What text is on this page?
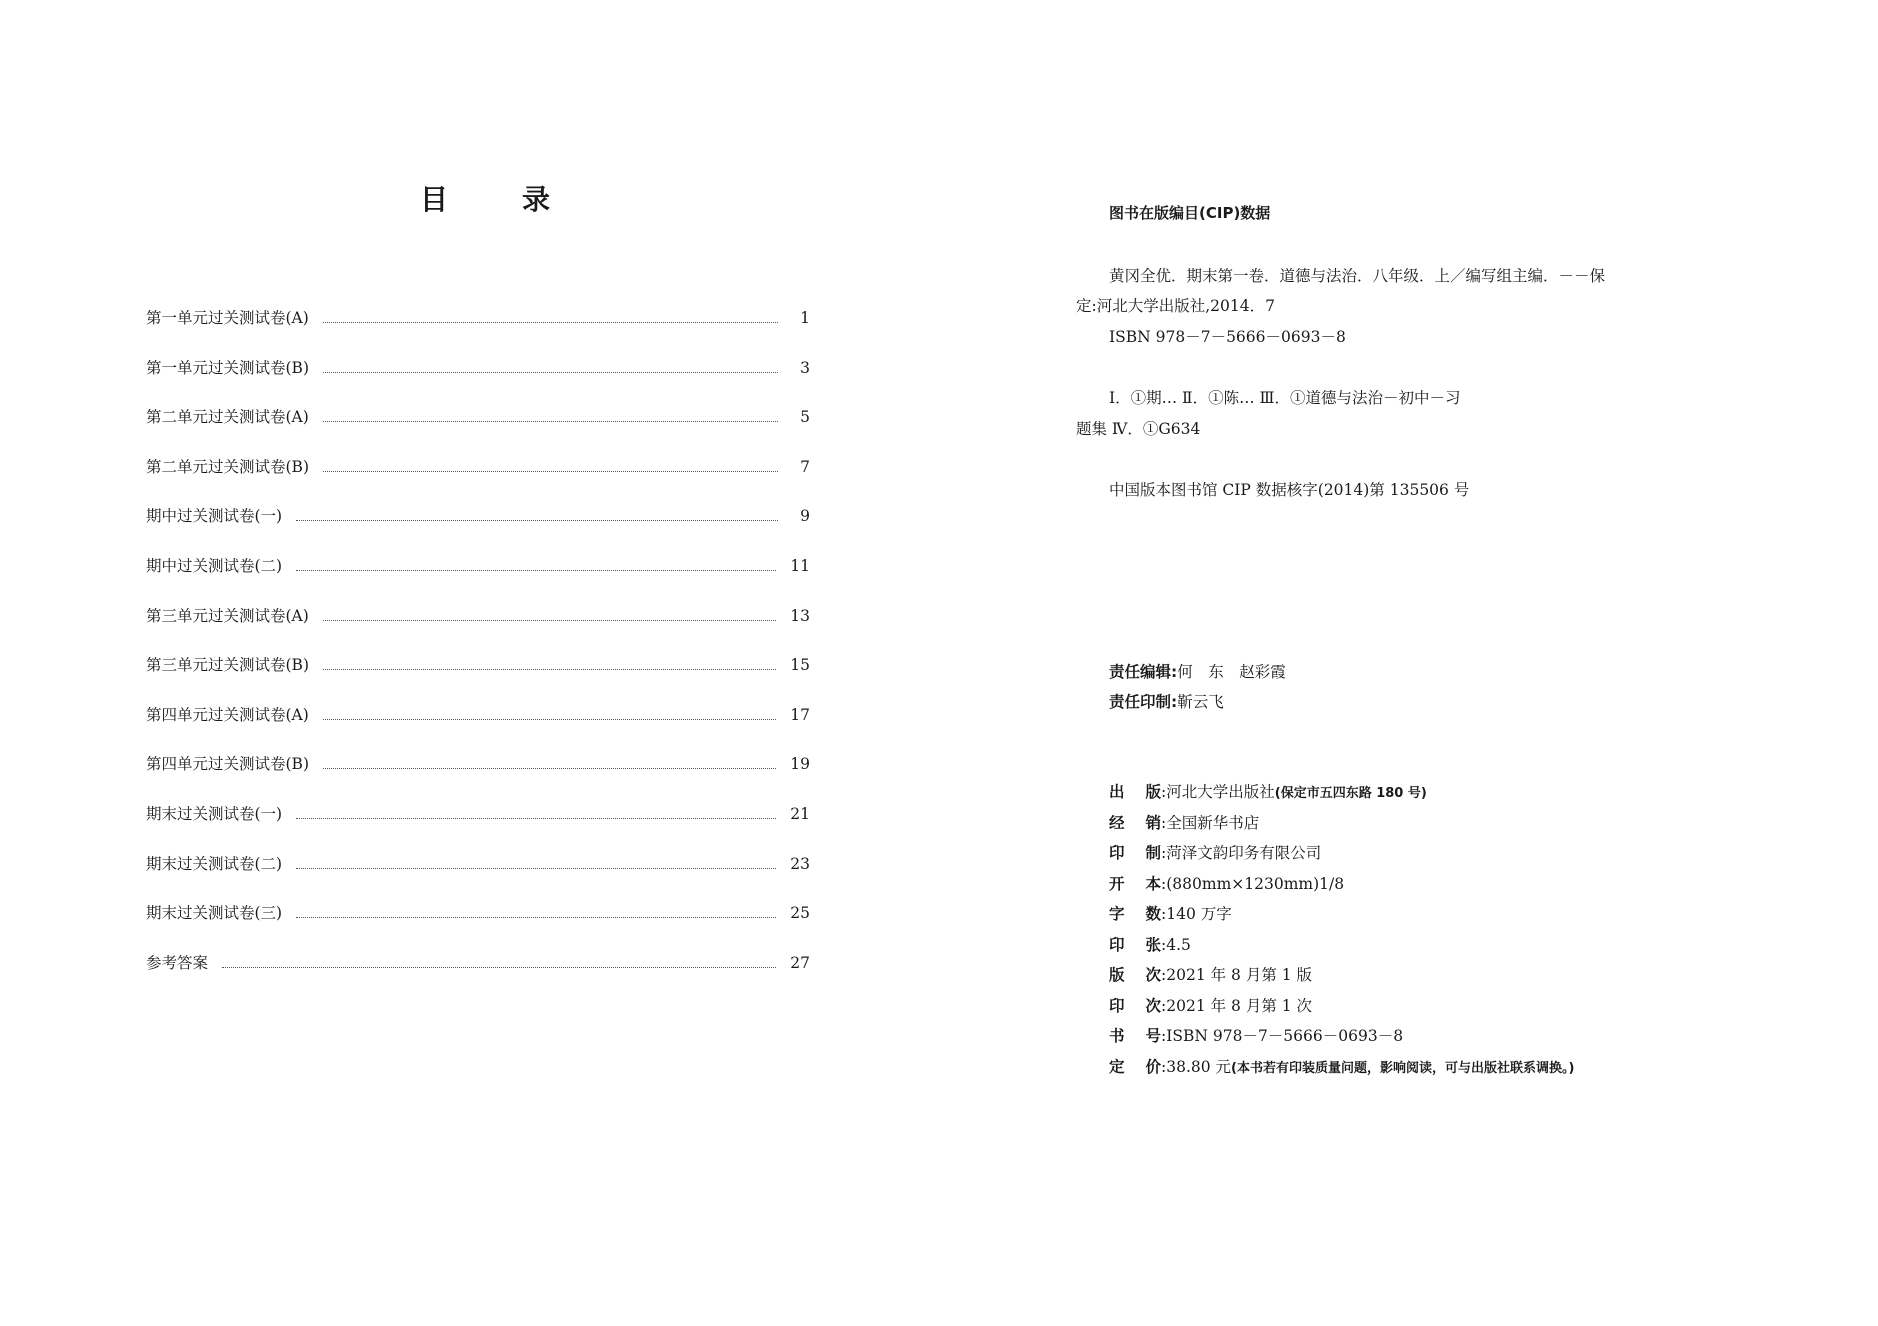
目	录
第一单元过关测试卷(A)	1
第一单元过关测试卷(B)	3
第二单元过关测试卷(A)	5
第二单元过关测试卷(B)	7
期中过关测试卷(一)	9
期中过关测试卷(二)	11
第三单元过关测试卷(A)	13
第三单元过关测试卷(B)	15
第四单元过关测试卷(A)	17
第四单元过关测试卷(B)	19
期末过关测试卷(一)	21
期末过关测试卷(二)	23
期末过关测试卷(三)	25
参考答案	27
图书在版编目(CIP)数据
黄冈全优．期末第一卷．道德与法治．八年级．上／编写组主编．－－保
定:河北大学出版社,2014．7
ISBN 978－7－5666－0693－8
Ⅰ．①期… Ⅱ．①陈… Ⅲ．①道德与法治－初中－习
题集 Ⅳ．①G634
中国版本图书馆 CIP 数据核字(2014)第 135506 号
责任编辑:何　东　赵彩霞
责任印制:靳云飞
出 版 :河北大学出版社(保定市五四东路 180 号)
经 销 :全国新华书店
印 制 :菏泽文韵印务有限公司
开 本 :(880mm×1230mm)1/8
字 数 :140 万字
印 张 :4.5
版 次 :2021 年 8 月第 1 版
印 次 :2021 年 8 月第 1 次
书 号 :ISBN 978－7－5666－0693－8
定 价 :38.80 元(本书若有印装质量问题，影响阅读，可与出版社联系调换。)
